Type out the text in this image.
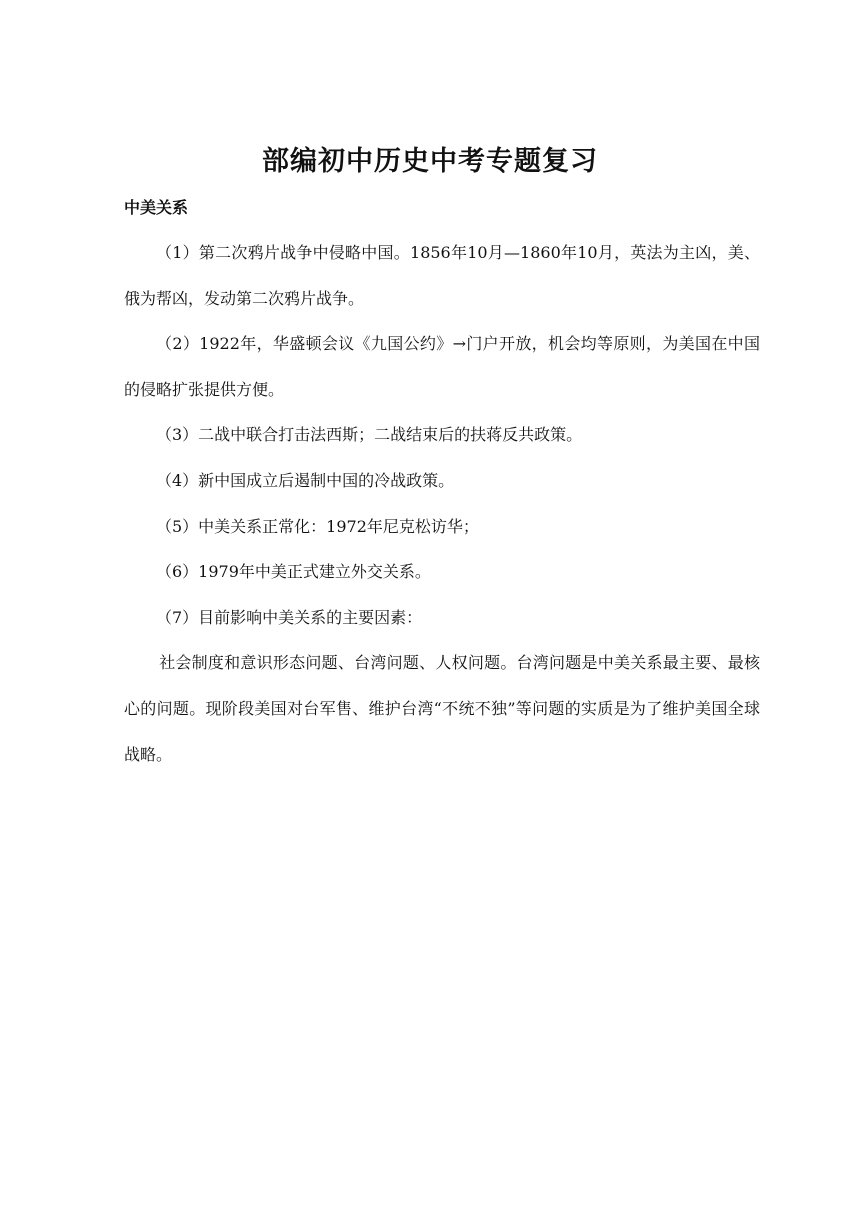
部编初中历史中考专题复习
中美关系

（1）第二次鸦片战争中侵略中国。1856年10月—1860年10月，英法为主凶，美、俄为帮凶，发动第二次鸦片战争。

（2）1922年，华盛顿会议《九国公约》→门户开放，机会均等原则，为美国在中国的侵略扩张提供方便。

（3）二战中联合打击法西斯；二战结束后的扶蒋反共政策。

（4）新中国成立后遏制中国的冷战政策。

（5）中美关系正常化：1972年尼克松访华；

（6）1979年中美正式建立外交关系。

（7）目前影响中美关系的主要因素：

社会制度和意识形态问题、台湾问题、人权问题。台湾问题是中美关系最主要、最核心的问题。现阶段美国对台军售、维护台湾“不统不独”等问题的实质是为了维护美国全球战略。
